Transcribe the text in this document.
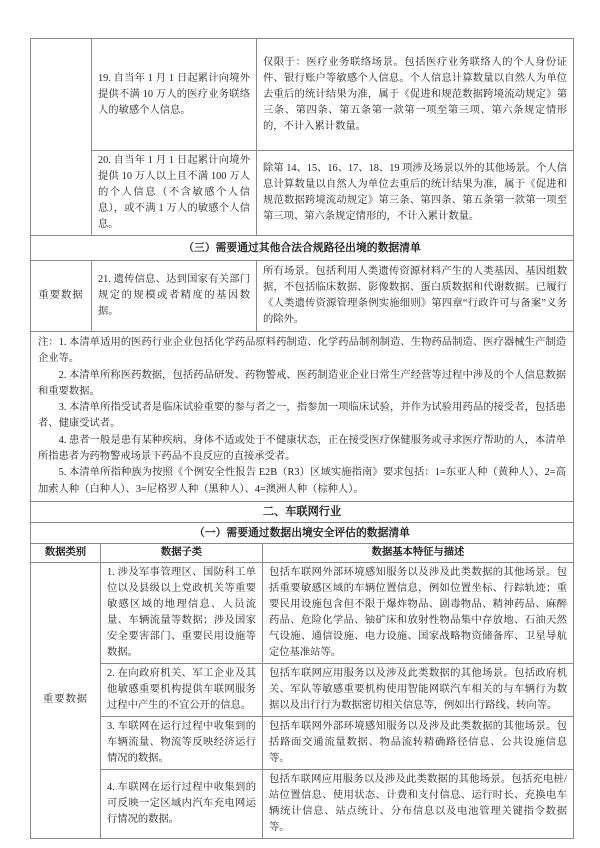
	19. 自当年 1 月 1 日起累计向境外提供不满 10 万人的医疗业务联络人的敏感个人信息。	仅限于：医疗业务联络场景。包括医疗业务联络人的个人身份证件、银行账户等敏感个人信息。个人信息计算数量以自然人为单位去重后的统计结果为准，属于《促进和规范数据跨境流动规定》第三条、第四条、第五条第一款第一项至第三项、第六条规定情形的，不计入累计数量。
	20. 自当年 1 月 1 日起累计向境外提供 10 万人以上且不满 100 万人的个人信息（不含敏感个人信息），或不满 1 万人的敏感个人信息。	除第 14、15、16、17、18、19 项涉及场景以外的其他场景。个人信息计算数量以自然人为单位去重后的统计结果为准，属于《促进和规范数据跨境流动规定》第三条、第四条、第五条第一款第一项至第三项、第六条规定情形的，不计入累计数量。
（三）需要通过其他合法合规路径出境的数据清单		
重要数据	21. 遗传信息、达到国家有关部门规定的规模或者精度的基因数据。	所有场景。包括利用人类遗传资源材料产生的人类基因、基因组数据，不包括临床数据、影像数据、蛋白质数据和代谢数据。已履行《人类遗传资源管理条例实施细则》第四章“行政许可与备案”义务的除外。

注：1. 本清单适用的医药行业企业包括化学药品原料药制造、化学药品制剂制造、生物药品制造、医疗器械生产制造企业等。

2. 本清单所称医药数据，包括药品研发、药物警戒、医药制造业企业日常生产经营等过程中涉及的个人信息数据和重要数据。

3. 本清单所指受试者是临床试验重要的参与者之一，指参加一项临床试验，并作为试验用药品的接受者，包括患者、健康受试者。

4. 患者一般是患有某种疾病、身体不适或处于不健康状态，正在接受医疗保健服务或寻求医疗帮助的人，本清单所指患者为药物警戒场景下药品不良反应的直接承受者。

5. 本清单所指种族为按照《个例安全性报告 E2B（R3）区域实施指南》要求包括：1=东亚人种（黄种人）、2=高加索人种（白种人）、3=尼格罗人种（黑种人）、4=澳洲人种（棕种人）。		

二、车联网行业		
（一）需要通过数据出境安全评估的数据清单		
数据类别	数据子类	数据基本特征与描述
重要数据	1. 涉及军事管理区、国防科工单位以及县级以上党政机关等重要敏感区域的地理信息、人员流量、车辆流量等数据；涉及国家安全要害部门、重要民用设施等数据。	包括车联网外部环境感知服务以及涉及此类数据的其他场景。包括重要敏感区域的车辆位置信息，例如位置坐标、行踪轨迹；重要民用设施包含但不限于爆炸物品、剧毒物品、精神药品、麻醉药品、危险化学品、铀矿床和放射性物品集中存放地、石油天然气设施、通信设施、电力设施、国家战略物资储备库、卫星导航定位基准站等。
	2. 在向政府机关、军工企业及其他敏感重要机构提供车联网服务过程中产生的不宜公开的信息。	包括车联网应用服务以及涉及此类数据的其他场景。包括政府机关、军队等敏感重要机构使用智能网联汽车相关的与车辆行为数据以及出行行为数据密切相关信息等，例如出行路线、转向等。
	3. 车联网在运行过程中收集到的车辆流量、物流等反映经济运行情况的数据。	包括车联网外部环境感知服务以及涉及此类数据的其他场景。包括路面交通流量数据、物品流转精确路径信息、公共设施信息等。
	4. 车联网在运行过程中收集到的可反映一定区域内汽车充电网运行情况的数据。	包括车联网应用服务以及涉及此类数据的其他场景。包括充电桩/站位置信息、使用状态、计费和支付信息、运行时长、充换电车辆统计信息、站点统计、分布信息以及电池管理关键指令数据等。
